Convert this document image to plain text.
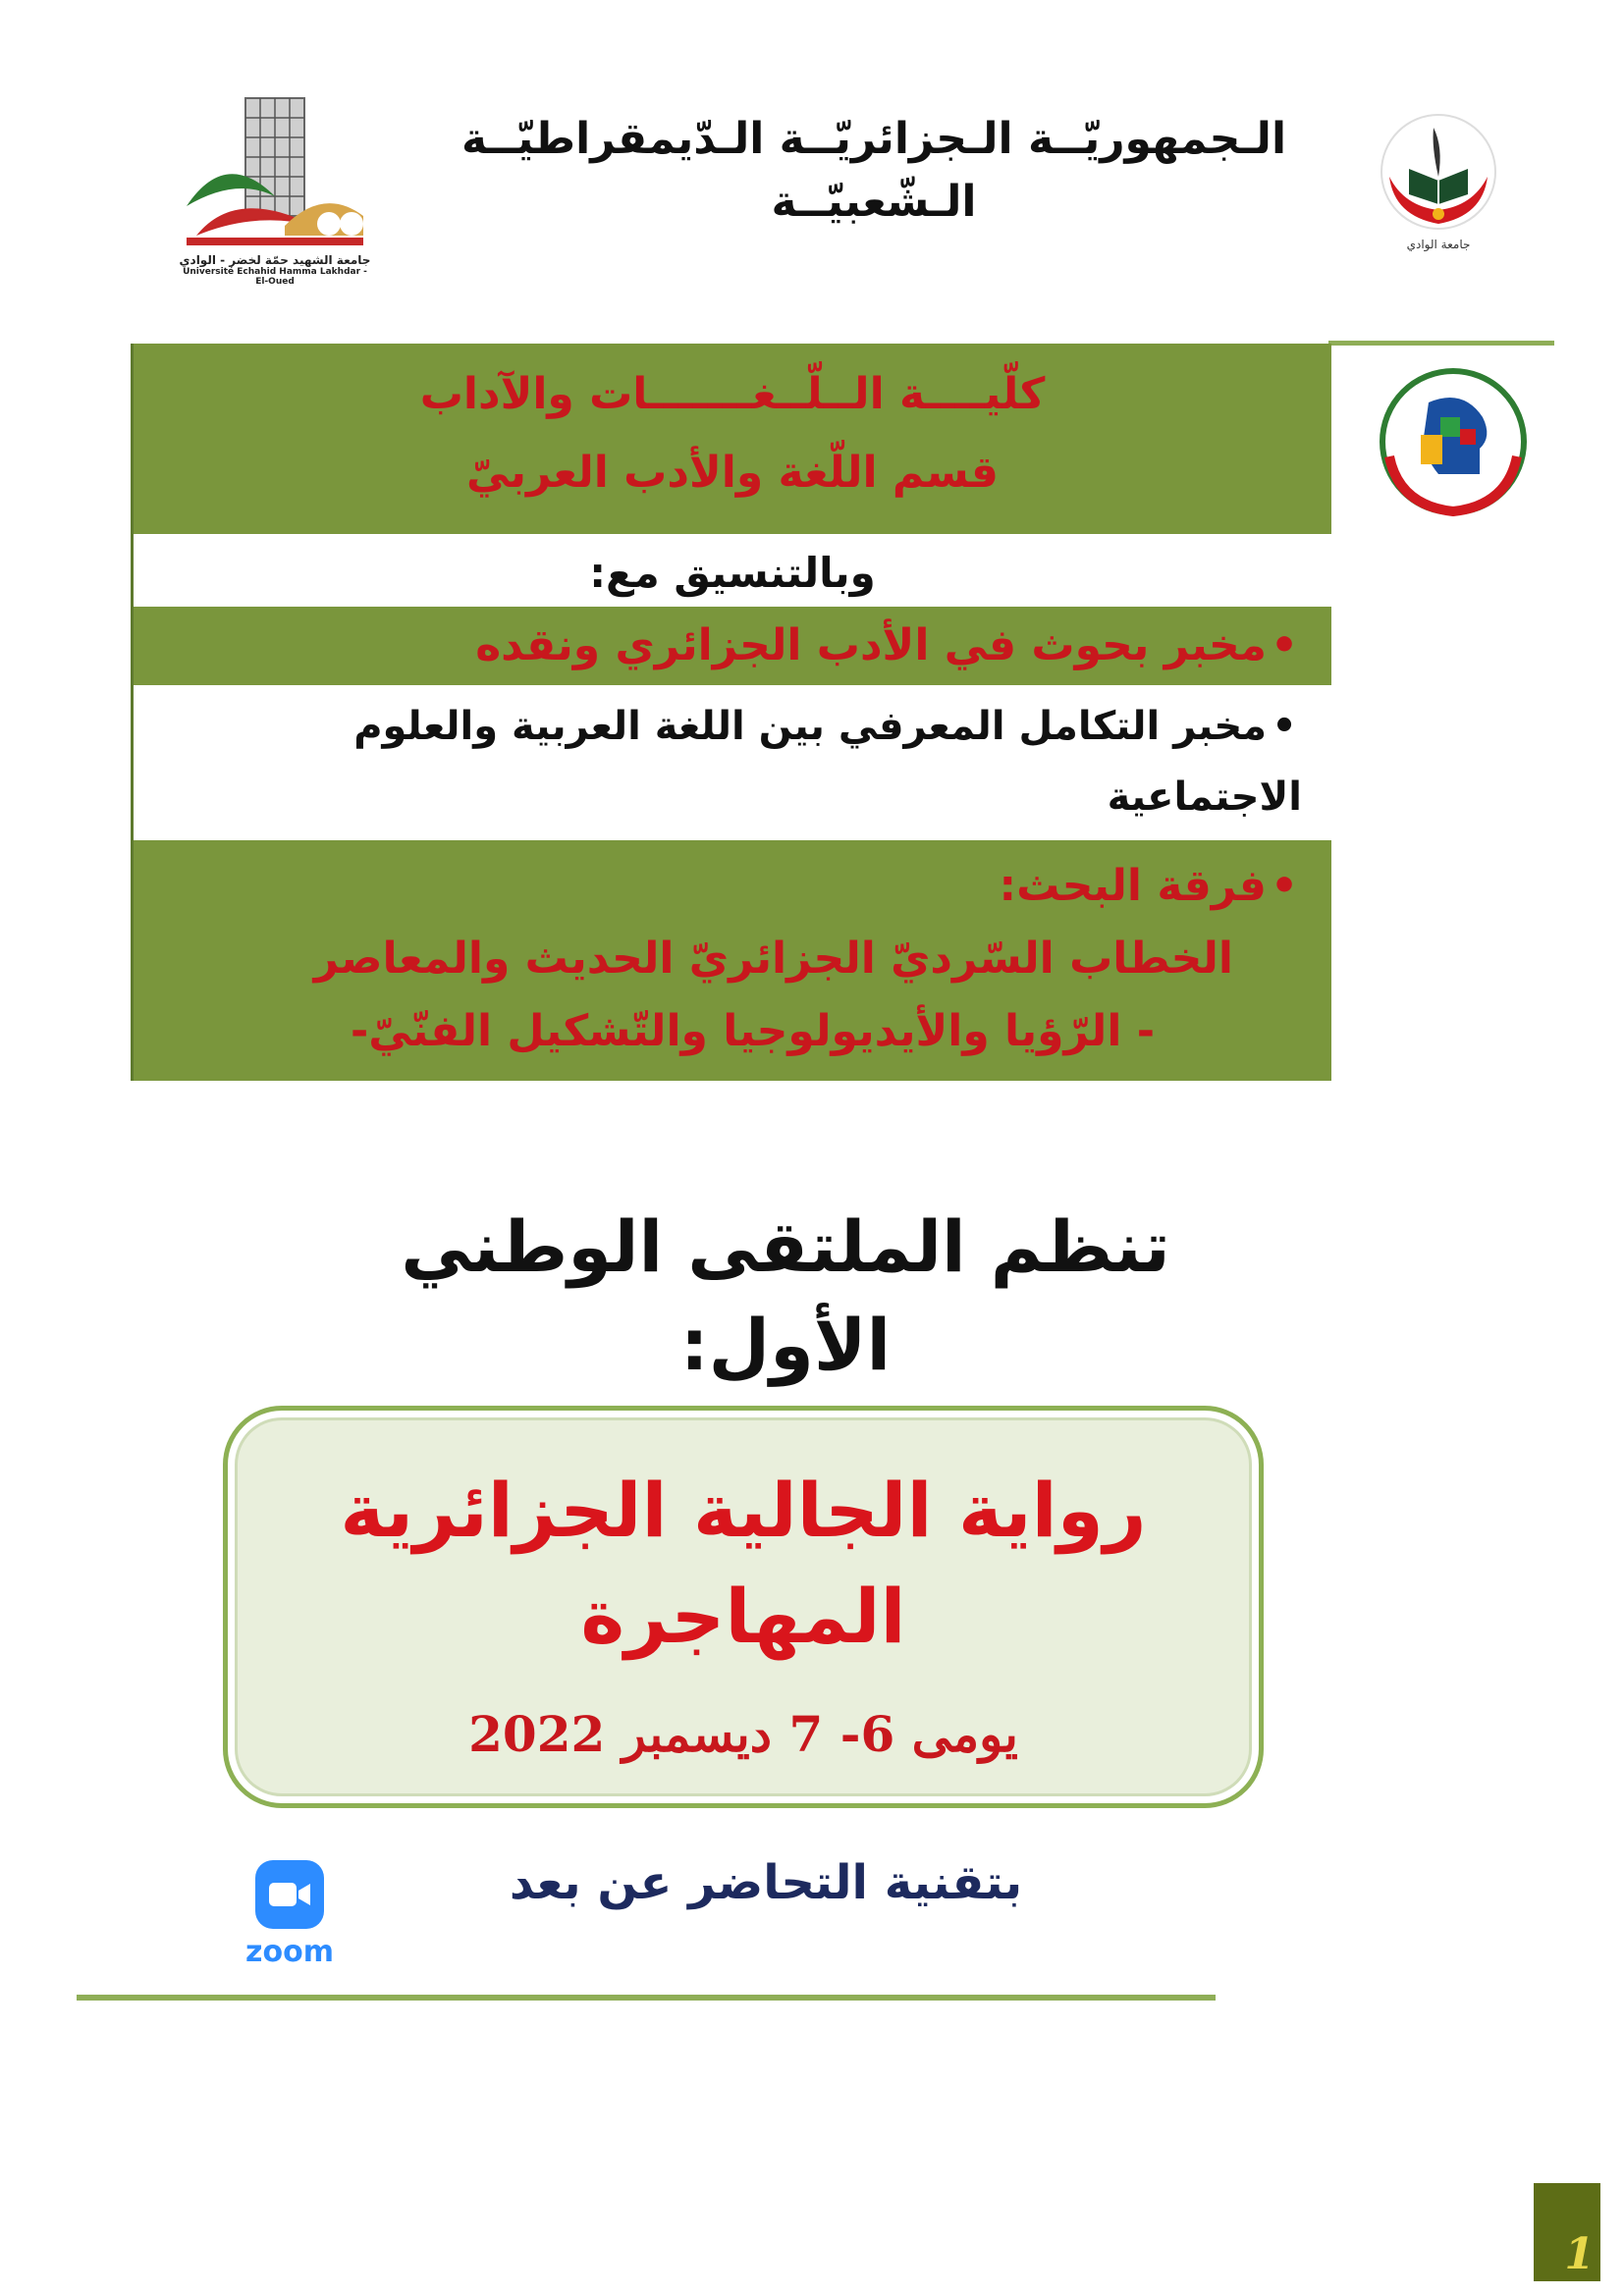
جامعة الشهيد حمّة لخضر - الوادي
Université Echahid Hamma Lakhdar - El-Oued
الـجمهوريّــة الـجزائريّــة الـدّيمقراطيّــة
الـشّعبيّــة
جامعة الوادي
كلّيــــة الــلّــغـــــــات والآداب
قسم اللّغة والأدب العربيّ
وبالتنسيق مع:
•مخبر بحوث في الأدب الجزائري ونقده
•مخبر التكامل المعرفي بين اللغة العربية والعلوم
الاجتماعية
•فرقة البحث:
الخطاب السّرديّ الجزائريّ الحديث والمعاصر
- الرّؤيا والأيديولوجيا والتّشكيل الفنّيّ-
تنظم الملتقى الوطني الأول:
رواية الجالية الجزائرية
المهاجرة
يومى 6- 7 ديسمبر 2022
بتقنية التحاضر عن بعد
zoom
1
